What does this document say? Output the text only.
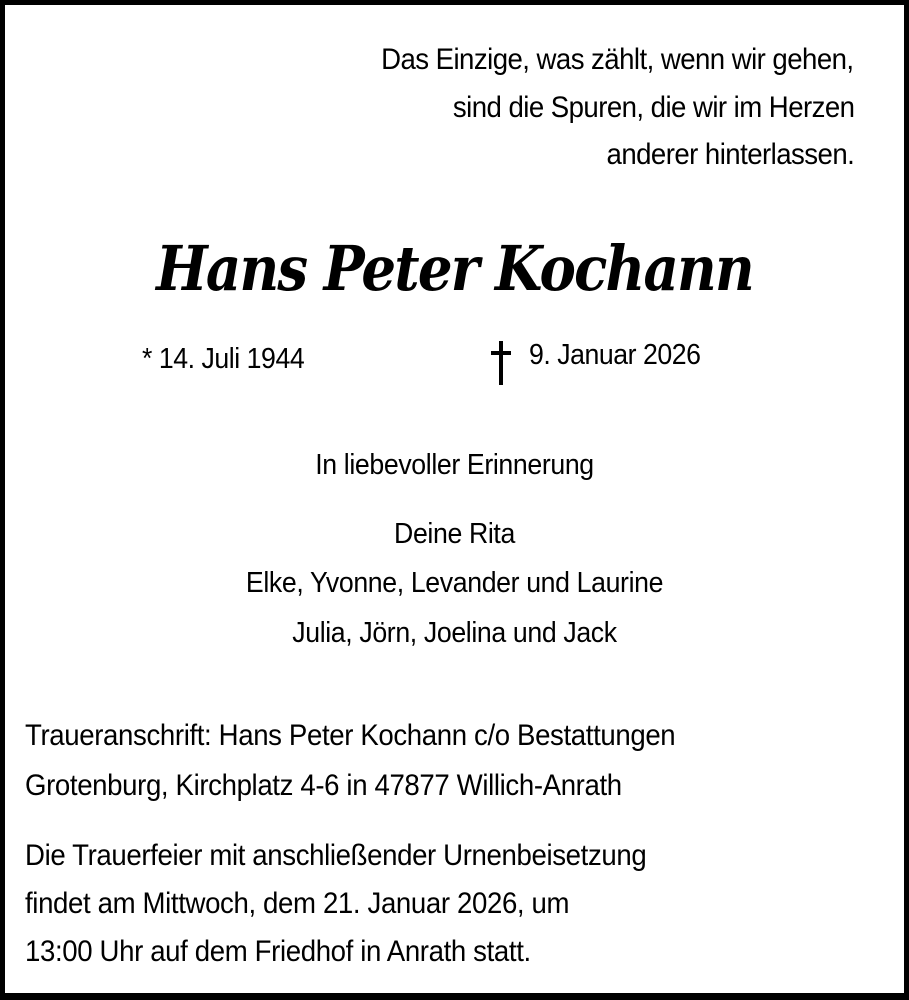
Das Einzige, was zählt, wenn wir gehen,
sind die Spuren, die wir im Herzen
anderer hinterlassen.
Hans Peter Kochann
* 14. Juli 1944	9. Januar 2026
In liebevoller Erinnerung
Deine Rita
Elke, Yvonne, Levander und Laurine
Julia, Jörn, Joelina und Jack
Traueranschrift: Hans Peter Kochann c/o Bestattungen
Grotenburg, Kirchplatz 4-6 in 47877 Willich-Anrath
Die Trauerfeier mit anschließender Urnenbeisetzung
findet am Mittwoch, dem 21. Januar 2026, um
13:00 Uhr auf dem Friedhof in Anrath statt.
